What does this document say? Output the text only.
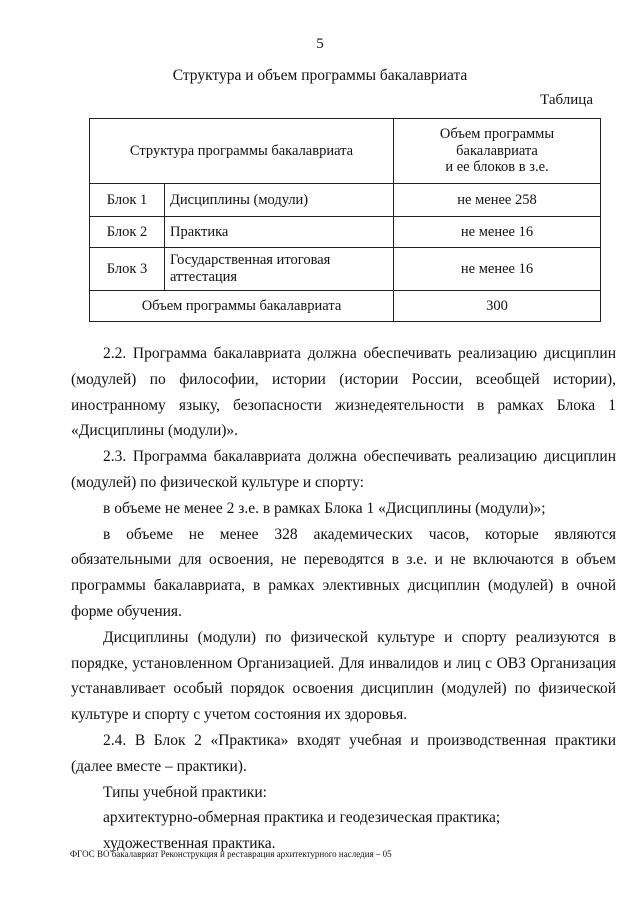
5
Структура и объем программы бакалавриата
Таблица
Структура программы бакалавриата		Объем программы
бакалавриата
и ее блоков в з.е.
Блок 1	Дисциплины (модули)	не менее 258
Блок 2	Практика	не менее 16
Блок 3	Государственная итоговая аттестация	не менее 16
Объем программы бакалавриата		300

2.2. Программа бакалавриата должна обеспечивать реализацию дисциплин (модулей) по философии, истории (истории России, всеобщей истории), иностранному языку, безопасности жизнедеятельности в рамках Блока 1 «Дисциплины (модули)».

2.3. Программа бакалавриата должна обеспечивать реализацию дисциплин (модулей) по физической культуре и спорту:

в объеме не менее 2 з.е. в рамках Блока 1 «Дисциплины (модули)»;

в объеме не менее 328 академических часов, которые являются обязательными для освоения, не переводятся в з.е. и не включаются в объем программы бакалавриата, в рамках элективных дисциплин (модулей) в очной форме обучения.

Дисциплины (модули) по физической культуре и спорту реализуются в порядке, установленном Организацией. Для инвалидов и лиц с ОВЗ Организация устанавливает особый порядок освоения дисциплин (модулей) по физической культуре и спорту с учетом состояния их здоровья.

2.4. В Блок 2 «Практика» входят учебная и производственная практики (далее вместе – практики).

Типы учебной практики:

архитектурно-обмерная практика и геодезическая практика;

художественная практика.

ФГОС ВО бакалавриат Реконструкция и реставрация архитектурного наследия – 05
